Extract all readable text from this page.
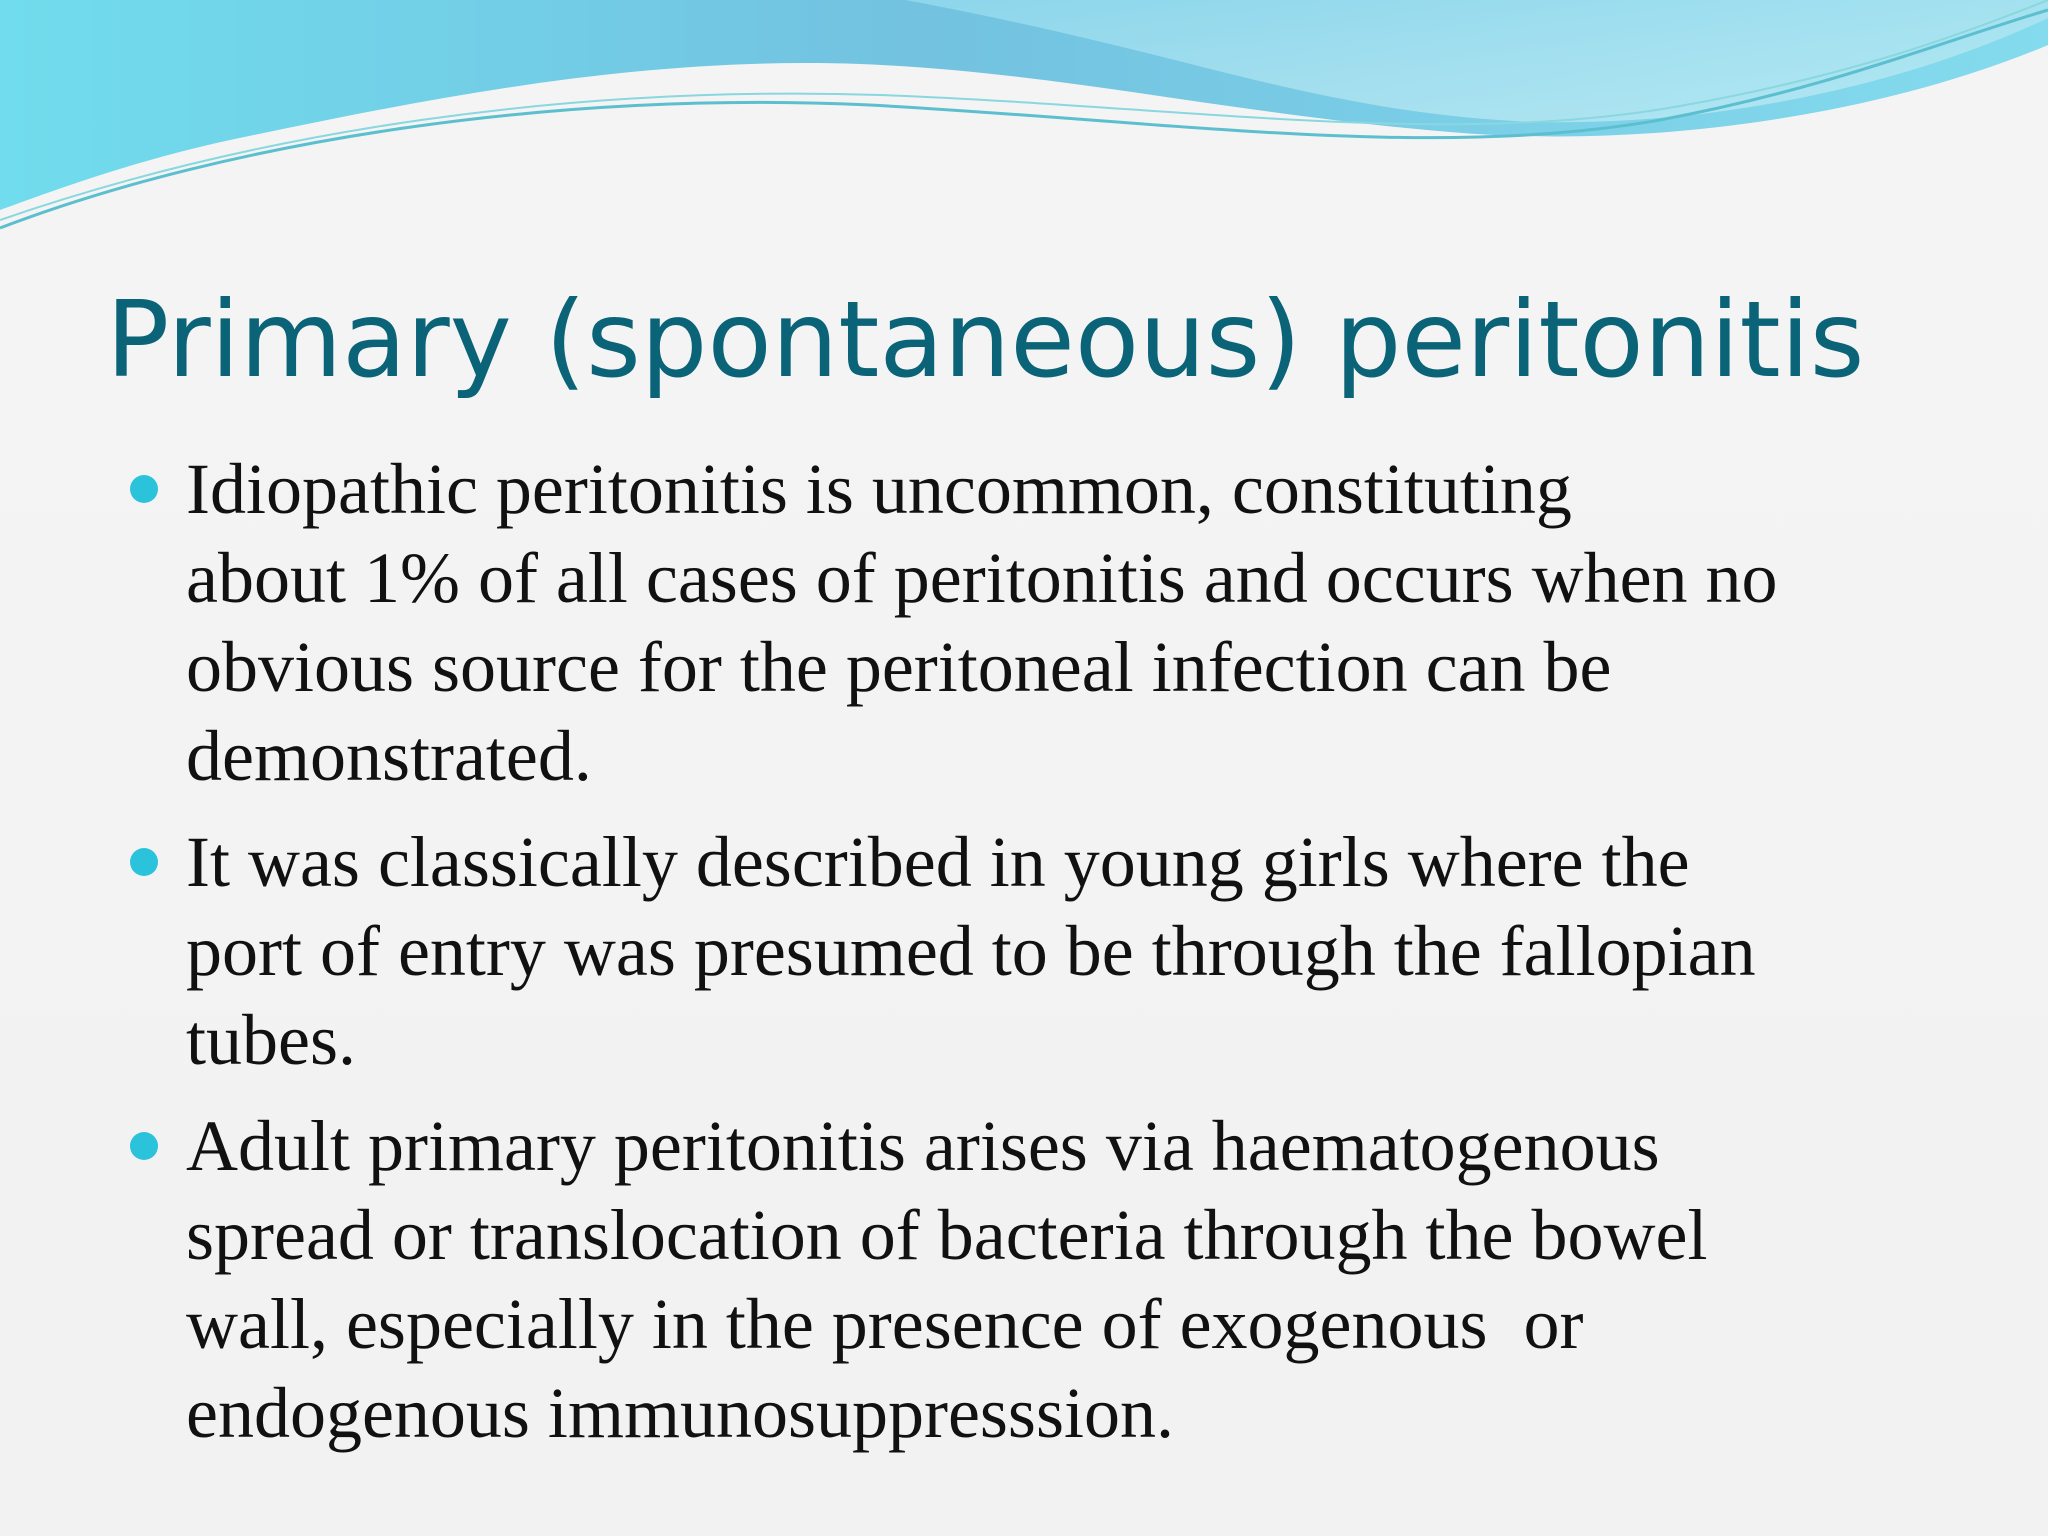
Primary (spontaneous) peritonitis
Idiopathic peritonitis is uncommon, constituting
about 1% of all cases of peritonitis and occurs when no
obvious source for the peritoneal infection can be
demonstrated.
It was classically described in young girls where the
port of entry was presumed to be through the fallopian
tubes.
Adult primary peritonitis arises via haematogenous
spread or translocation of bacteria through the bowel
wall, especially in the presence of exogenous  or
endogenous immunosuppresssion.
